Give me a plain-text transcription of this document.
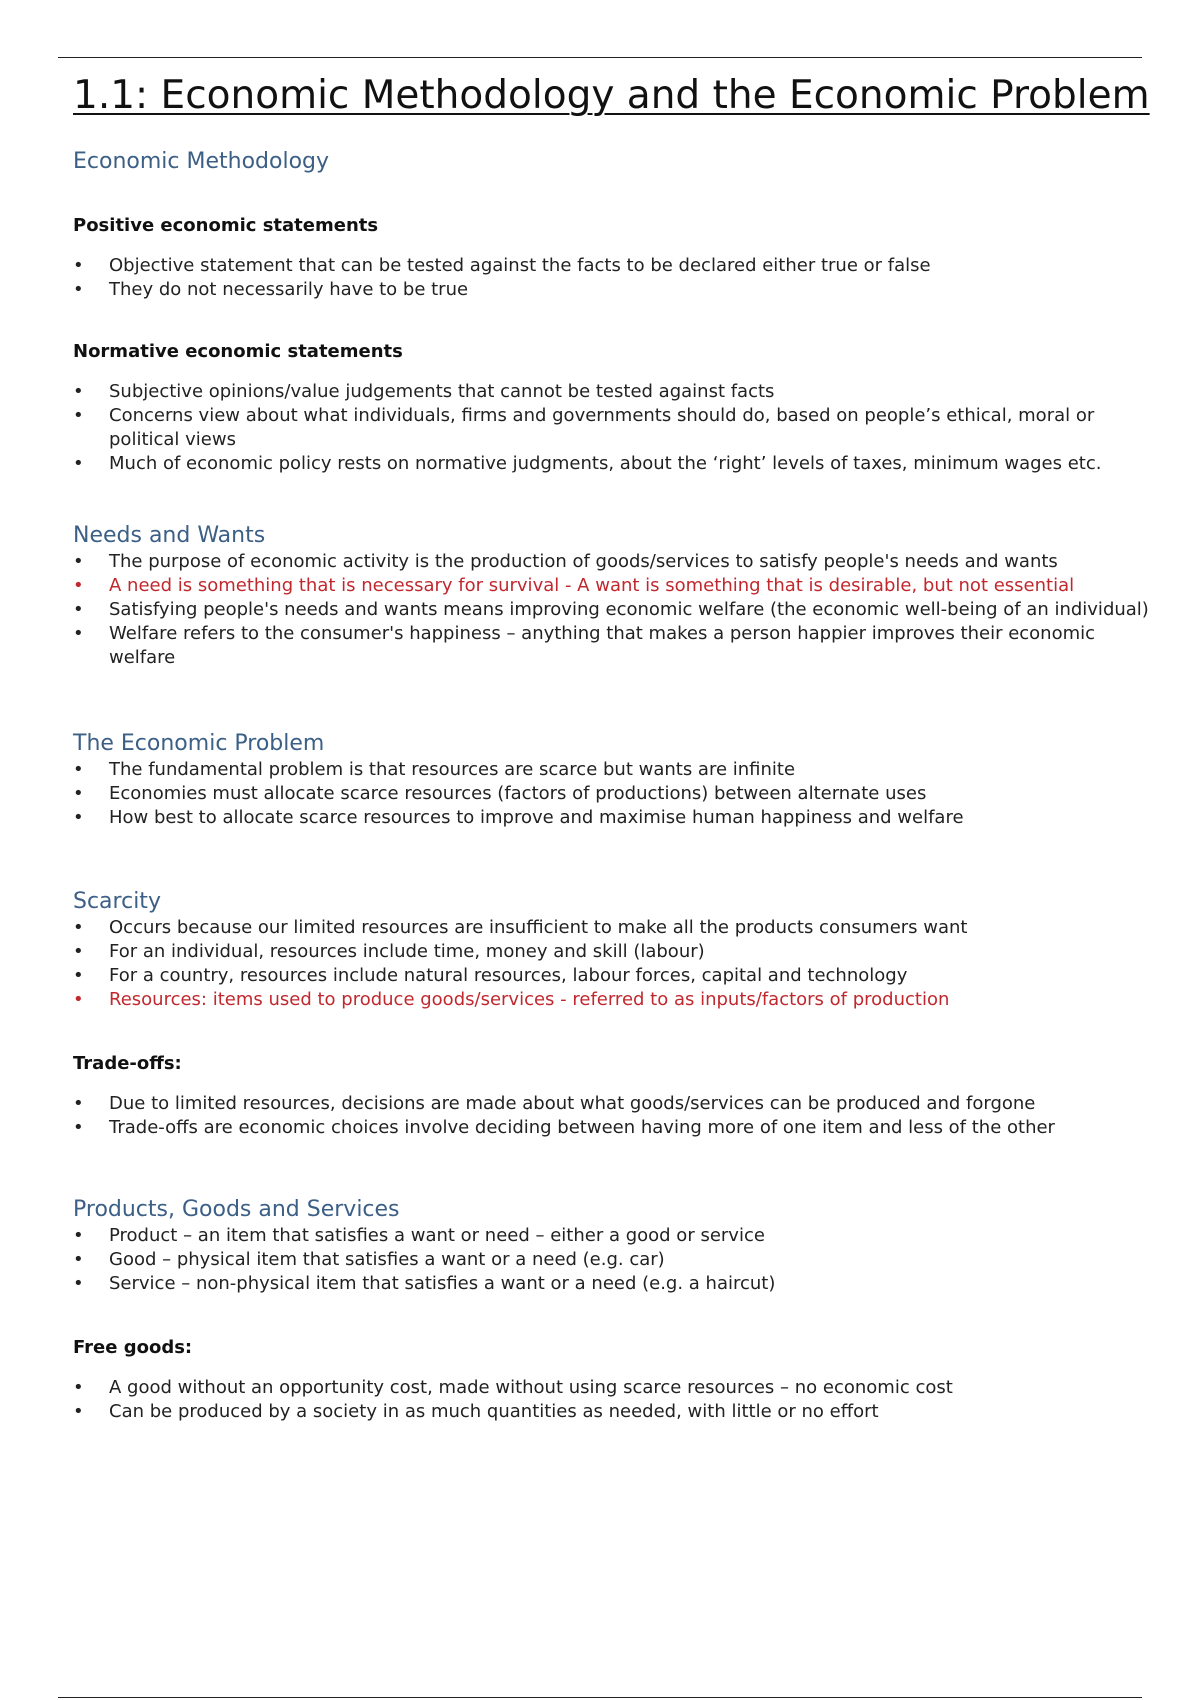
1.1: Economic Methodology and the Economic Problem
Economic Methodology
Positive economic statements
• Objective statement that can be tested against the facts to be declared either true or false
• They do not necessarily have to be true
Normative economic statements
• Subjective opinions/value judgements that cannot be tested against facts
• Concerns view about what individuals, firms and governments should do, based on people’s ethical, moral or political views
• Much of economic policy rests on normative judgments, about the ‘right’ levels of taxes, minimum wages etc.
Needs and Wants
• The purpose of economic activity is the production of goods/services to satisfy people's needs and wants
• A need is something that is necessary for survival - A want is something that is desirable, but not essential
• Satisfying people's needs and wants means improving economic welfare (the economic well-being of an individual)
• Welfare refers to the consumer's happiness – anything that makes a person happier improves their economic welfare
The Economic Problem
• The fundamental problem is that resources are scarce but wants are infinite
• Economies must allocate scarce resources (factors of productions) between alternate uses
• How best to allocate scarce resources to improve and maximise human happiness and welfare
Scarcity
• Occurs because our limited resources are insufficient to make all the products consumers want
• For an individual, resources include time, money and skill (labour)
• For a country, resources include natural resources, labour forces, capital and technology
• Resources: items used to produce goods/services - referred to as inputs/factors of production
Trade-offs:
• Due to limited resources, decisions are made about what goods/services can be produced and forgone
• Trade-offs are economic choices involve deciding between having more of one item and less of the other
Products, Goods and Services
• Product – an item that satisfies a want or need – either a good or service
• Good – physical item that satisfies a want or a need (e.g. car)
• Service – non-physical item that satisfies a want or a need (e.g. a haircut)
Free goods:
• A good without an opportunity cost, made without using scarce resources – no economic cost
• Can be produced by a society in as much quantities as needed, with little or no effort
